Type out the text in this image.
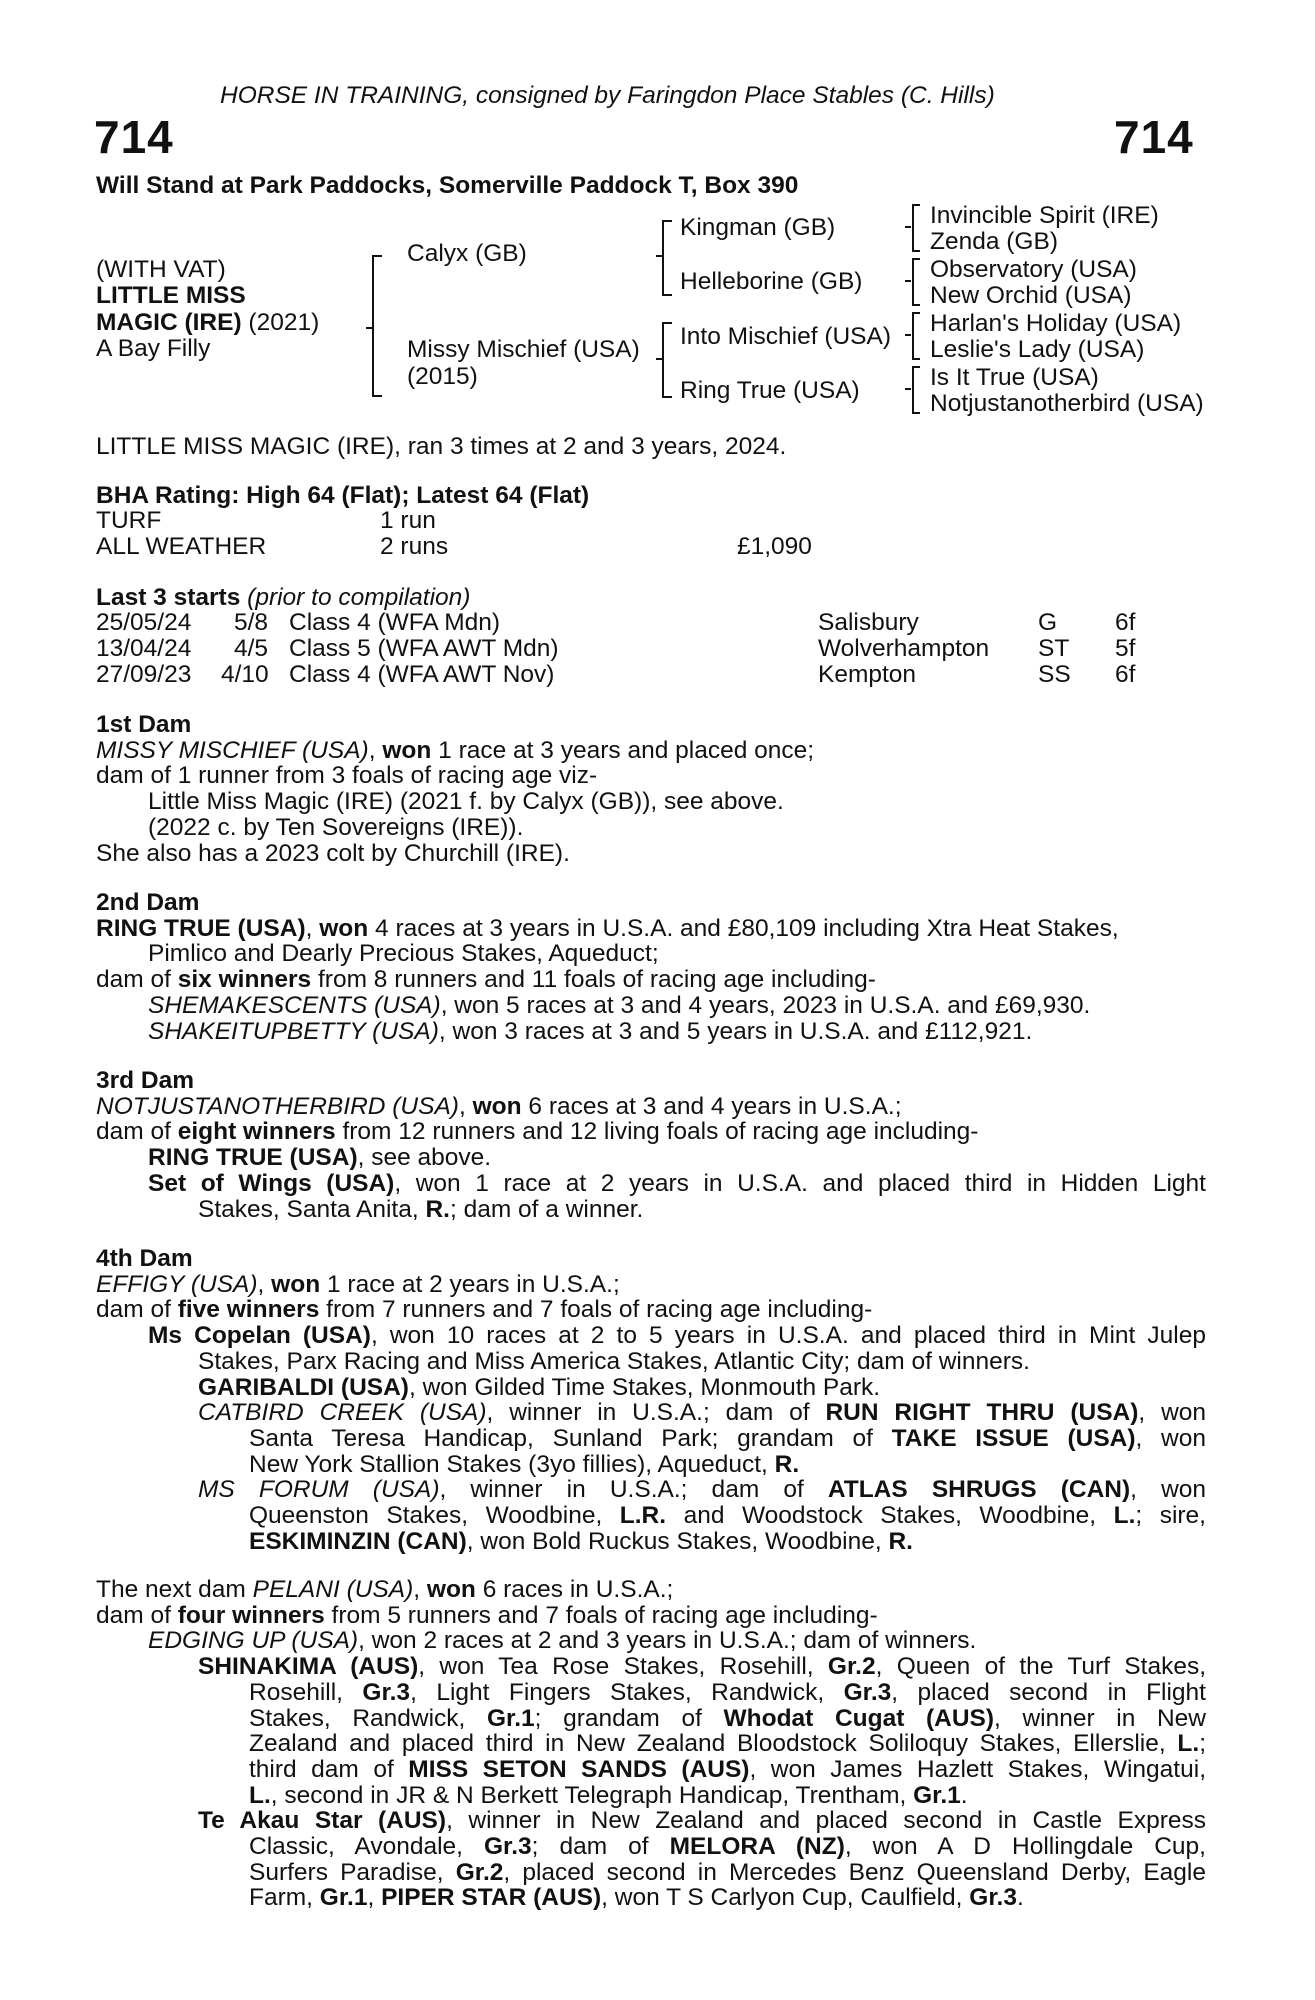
HORSE IN TRAINING, consigned by Faringdon Place Stables (C. Hills)
714	714
Will Stand at Park Paddocks, Somerville Paddock T, Box 390
(WITH VAT)
LITTLE MISS
MAGIC (IRE) (2021)
A Bay Filly
Calyx (GB)
Missy Mischief (USA)
(2015)
Kingman (GB)
Helleborine (GB)
Into Mischief (USA)
Ring True (USA)
Invincible Spirit (IRE)
Zenda (GB)
Observatory (USA)
New Orchid (USA)
Harlan's Holiday (USA)
Leslie's Lady (USA)
Is It True (USA)
Notjustanotherbird (USA)
LITTLE MISS MAGIC (IRE), ran 3 times at 2 and 3 years, 2024.
BHA Rating: High 64 (Flat); Latest 64 (Flat)
TURF	1 run
ALL WEATHER	2 runs	£1,090
Last 3 starts (prior to compilation)
25/05/24 5/8 Class 4 (WFA Mdn)	Salisbury	G 6f
13/04/24 4/5 Class 5 (WFA AWT Mdn)	Wolverhampton ST 5f
27/09/23 4/10 Class 4 (WFA AWT Nov)	Kempton	SS 6f
1st Dam
MISSY MISCHIEF (USA), won 1 race at 3 years and placed once;
dam of 1 runner from 3 foals of racing age viz-
Little Miss Magic (IRE) (2021 f. by Calyx (GB)), see above.
(2022 c. by Ten Sovereigns (IRE)).
She also has a 2023 colt by Churchill (IRE).
2nd Dam
RING TRUE (USA), won 4 races at 3 years in U.S.A. and £80,109 including Xtra Heat Stakes,
Pimlico and Dearly Precious Stakes, Aqueduct;
dam of six winners from 8 runners and 11 foals of racing age including-
SHEMAKESCENTS (USA), won 5 races at 3 and 4 years, 2023 in U.S.A. and £69,930.
SHAKEITUPBETTY (USA), won 3 races at 3 and 5 years in U.S.A. and £112,921.
3rd Dam
NOTJUSTANOTHERBIRD (USA), won 6 races at 3 and 4 years in U.S.A.;
dam of eight winners from 12 runners and 12 living foals of racing age including-
RING TRUE (USA), see above.
Set of Wings (USA), won 1 race at 2 years in U.S.A. and placed third in Hidden Light
Stakes, Santa Anita, R.; dam of a winner.
4th Dam
EFFIGY (USA), won 1 race at 2 years in U.S.A.;
dam of five winners from 7 runners and 7 foals of racing age including-
Ms Copelan (USA), won 10 races at 2 to 5 years in U.S.A. and placed third in Mint Julep
Stakes, Parx Racing and Miss America Stakes, Atlantic City; dam of winners.
GARIBALDI (USA), won Gilded Time Stakes, Monmouth Park.
CATBIRD CREEK (USA), winner in U.S.A.; dam of RUN RIGHT THRU (USA), won
Santa Teresa Handicap, Sunland Park; grandam of TAKE ISSUE (USA), won
New York Stallion Stakes (3yo fillies), Aqueduct, R.
MS FORUM (USA), winner in U.S.A.; dam of ATLAS SHRUGS (CAN), won
Queenston Stakes, Woodbine, L.R. and Woodstock Stakes, Woodbine, L.; sire,
ESKIMINZIN (CAN), won Bold Ruckus Stakes, Woodbine, R.
The next dam PELANI (USA), won 6 races in U.S.A.;
dam of four winners from 5 runners and 7 foals of racing age including-
EDGING UP (USA), won 2 races at 2 and 3 years in U.S.A.; dam of winners.
SHINAKIMA (AUS), won Tea Rose Stakes, Rosehill, Gr.2, Queen of the Turf Stakes,
Rosehill, Gr.3, Light Fingers Stakes, Randwick, Gr.3, placed second in Flight
Stakes, Randwick, Gr.1; grandam of Whodat Cugat (AUS), winner in New
Zealand and placed third in New Zealand Bloodstock Soliloquy Stakes, Ellerslie, L.;
third dam of MISS SETON SANDS (AUS), won James Hazlett Stakes, Wingatui,
L., second in JR & N Berkett Telegraph Handicap, Trentham, Gr.1.
Te Akau Star (AUS), winner in New Zealand and placed second in Castle Express
Classic, Avondale, Gr.3; dam of MELORA (NZ), won A D Hollingdale Cup,
Surfers Paradise, Gr.2, placed second in Mercedes Benz Queensland Derby, Eagle
Farm, Gr.1, PIPER STAR (AUS), won T S Carlyon Cup, Caulfield, Gr.3.
